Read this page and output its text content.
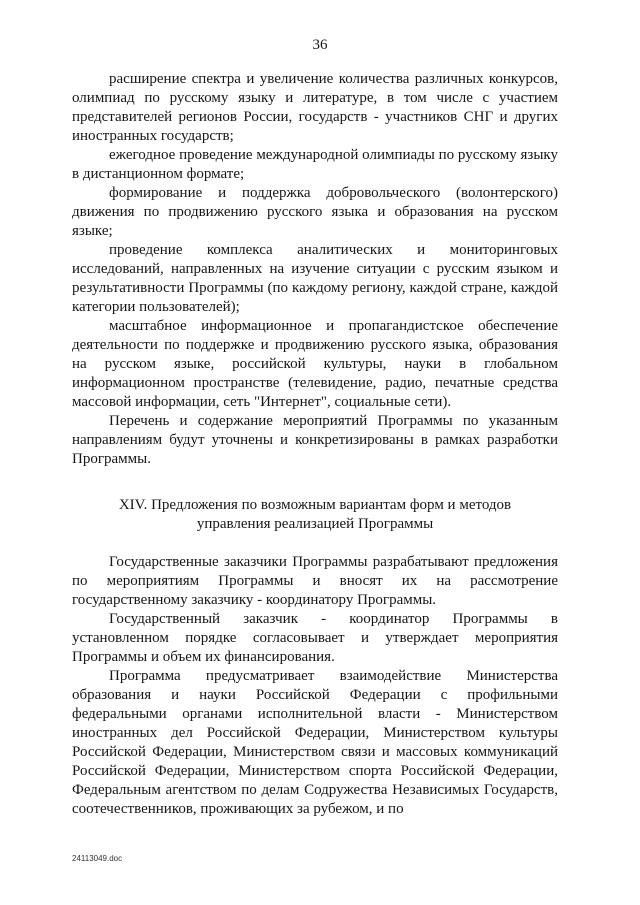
36

расширение спектра и увеличение количества различных конкурсов, олимпиад по русскому языку и литературе, в том числе с участием представителей регионов России, государств - участников СНГ и других иностранных государств;

ежегодное проведение международной олимпиады по русскому языку в дистанционном формате;

формирование и поддержка добровольческого (волонтерского) движения по продвижению русского языка и образования на русском языке;

проведение комплекса аналитических и мониторинговых исследований, направленных на изучение ситуации с русским языком и результативности Программы (по каждому региону, каждой стране, каждой категории пользователей);

масштабное информационное и пропагандистское обеспечение деятельности по поддержке и продвижению русского языка, образования на русском языке, российской культуры, науки в глобальном информационном пространстве (телевидение, радио, печатные средства массовой информации, сеть "Интернет", социальные сети).

Перечень и содержание мероприятий Программы по указанным направлениям будут уточнены и конкретизированы в рамках разработки Программы.

XIV. Предложения по возможным вариантам форм и методов
управления реализацией Программы

Государственные заказчики Программы разрабатывают предложения по мероприятиям Программы и вносят их на рассмотрение государственному заказчику - координатору Программы.

Государственный заказчик - координатор Программы в установленном порядке согласовывает и утверждает мероприятия Программы и объем их финансирования.

Программа предусматривает взаимодействие Министерства образования и науки Российской Федерации с профильными федеральными органами исполнительной власти - Министерством иностранных дел Российской Федерации, Министерством культуры Российской Федерации, Министерством связи и массовых коммуникаций Российской Федерации, Министерством спорта Российской Федерации, Федеральным агентством по делам Содружества Независимых Государств, соотечественников, проживающих за рубежом, и по

24113049.doc
